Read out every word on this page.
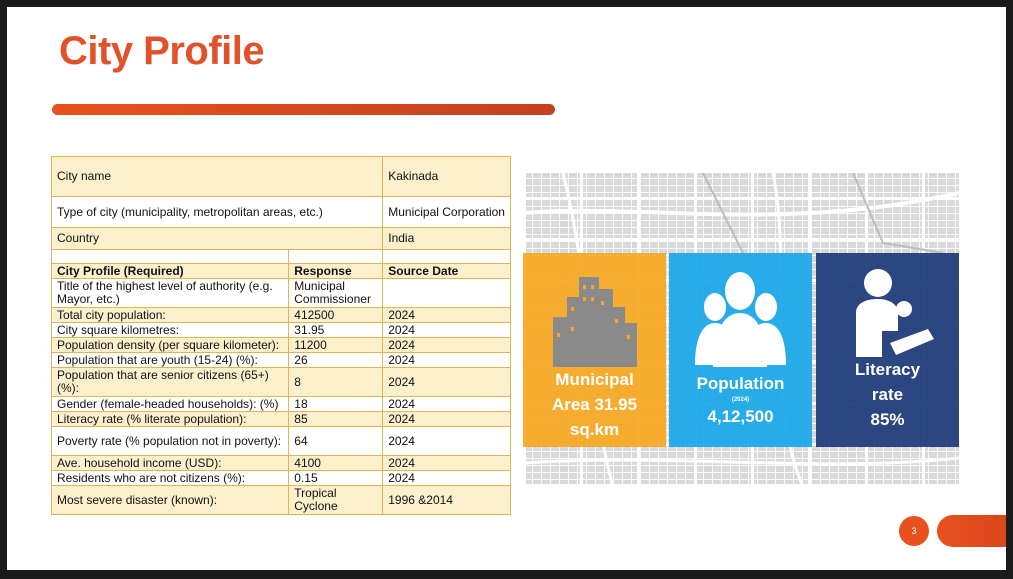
City Profile
City name		Kakinada
Type of city (municipality, metropolitan areas, etc.)		Municipal Corporation
Country		India

City Profile (Required)	Response	Source Date
Title of the highest level of authority (e.g. Mayor, etc.)	Municipal Commissioner	
Total city population:	412500	2024
City square kilometres:	31.95	2024
Population density (per square kilometer):	11200	2024
Population that are youth (15-24) (%):	26	2024
Population that are senior citizens (65+) (%):	8	2024
Gender (female-headed households): (%)	18	2024
Literacy rate (% literate population):	85	2024
Poverty rate (% population not in poverty):	64	2024
Ave. household income (USD):	4100	2024
Residents who are not citizens (%):	0.15	2024
Most severe disaster (known):	Tropical Cyclone	1996 &2014
Municipal
Area 31.95
sq.km
Population
(2024)
4,12,500
Literacy
rate
85%
3
